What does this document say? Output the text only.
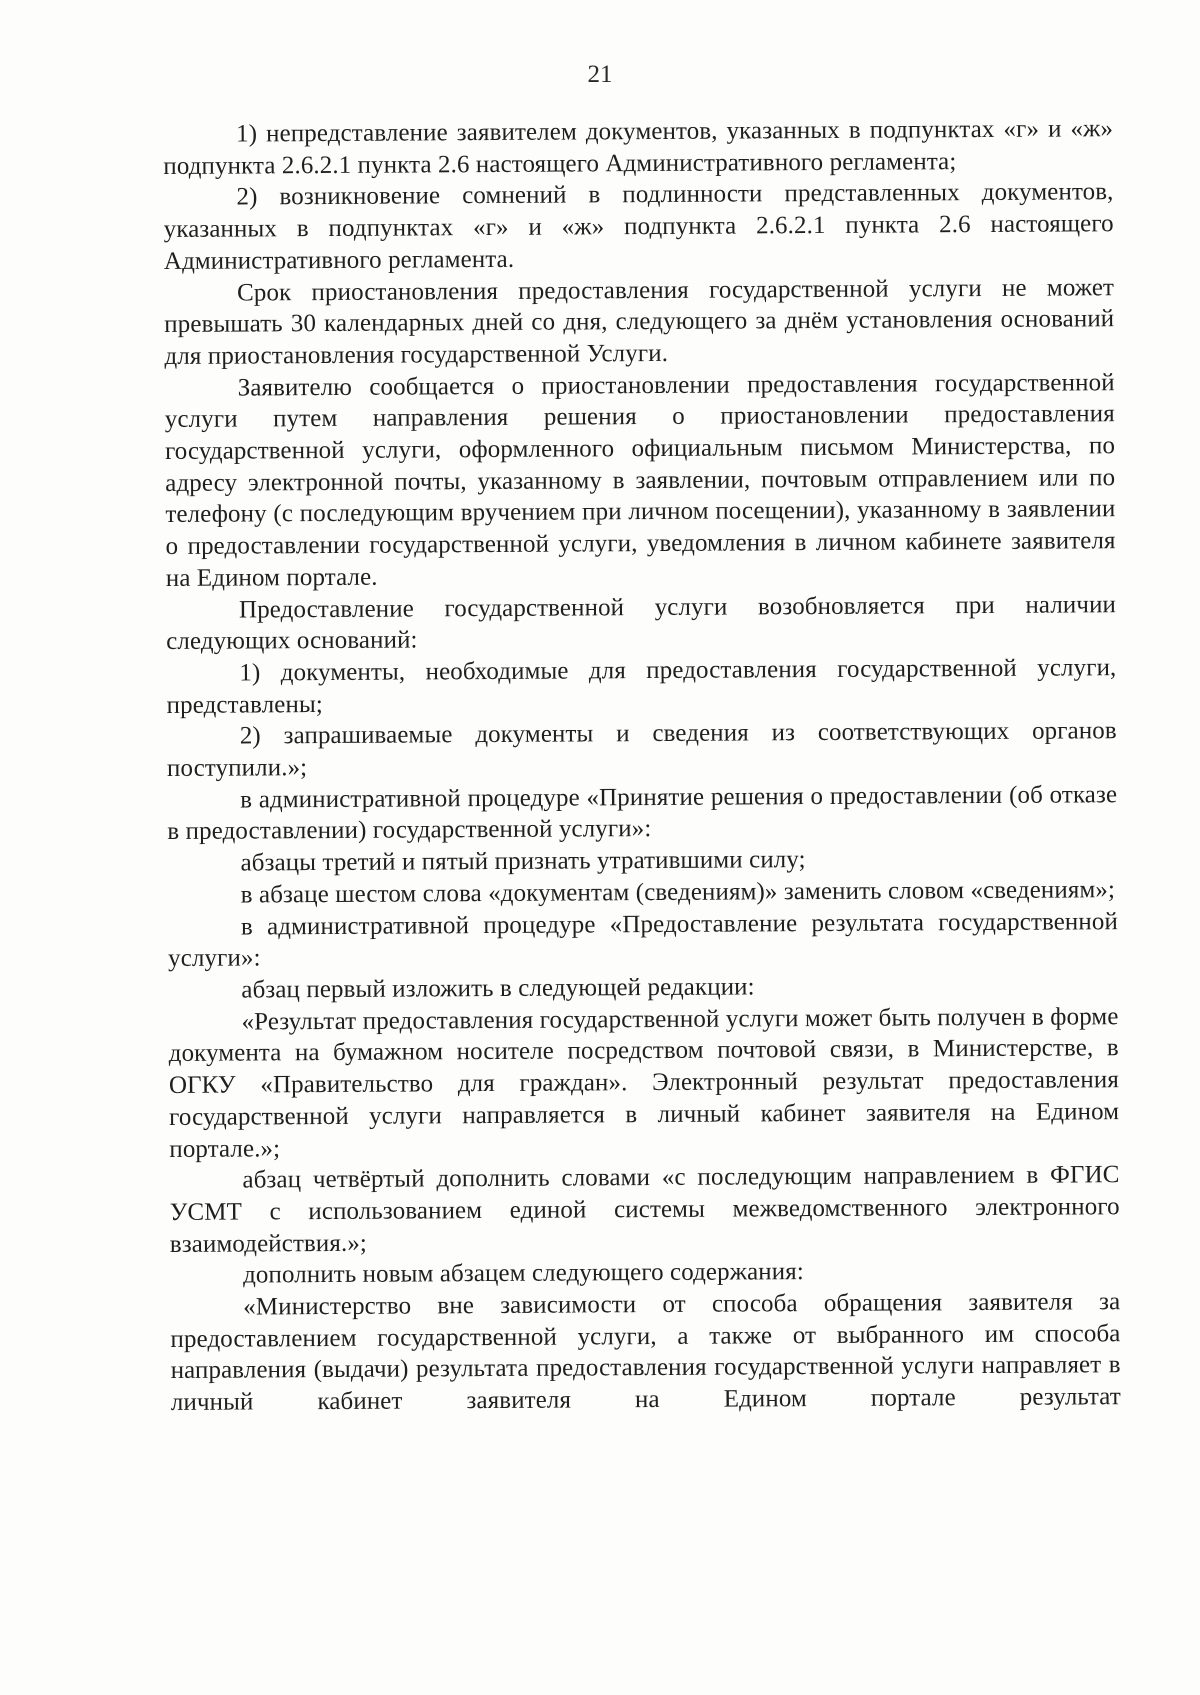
21

1) непредставление заявителем документов, указанных в подпунктах «г» и «ж» подпункта 2.6.2.1 пункта 2.6 настоящего Административного регламента;

2) возникновение сомнений в подлинности представленных документов, указанных в подпунктах «г» и «ж» подпункта 2.6.2.1 пункта 2.6 настоящего Административного регламента.

Срок приостановления предоставления государственной услуги не может превышать 30 календарных дней со дня, следующего за днём установления оснований для приостановления государственной Услуги.

Заявителю сообщается о приостановлении предоставления государственной услуги путем направления решения о приостановлении предоставления государственной услуги, оформленного официальным письмом Министерства, по адресу электронной почты, указанному в заявлении, почтовым отправлением или по телефону (с последующим вручением при личном посещении), указанному в заявлении о предоставлении государственной услуги, уведомления в личном кабинете заявителя на Едином портале.

Предоставление государственной услуги возобновляется при наличии следующих оснований:

1) документы, необходимые для предоставления государственной услуги, представлены;

2) запрашиваемые документы и сведения из соответствующих органов поступили.»;

в административной процедуре «Принятие решения о предоставлении (об отказе в предоставлении) государственной услуги»:

абзацы третий и пятый признать утратившими силу;

в абзаце шестом слова «документам (сведениям)» заменить словом «сведениям»;

в административной процедуре «Предоставление результата государственной услуги»:

абзац первый изложить в следующей редакции:

«Результат предоставления государственной услуги может быть получен в форме документа на бумажном носителе посредством почтовой связи, в Министерстве, в ОГКУ «Правительство для граждан». Электронный результат предоставления государственной услуги направляется в личный кабинет заявителя на Едином портале.»;

абзац четвёртый дополнить словами «с последующим направлением в ФГИС УСМТ с использованием единой системы межведомственного электронного взаимодействия.»;

дополнить новым абзацем следующего содержания:

«Министерство вне зависимости от способа обращения заявителя за предоставлением государственной услуги, а также от выбранного им способа направления (выдачи) результата предоставления государственной услуги направляет в личный кабинет заявителя на Едином портале результат
